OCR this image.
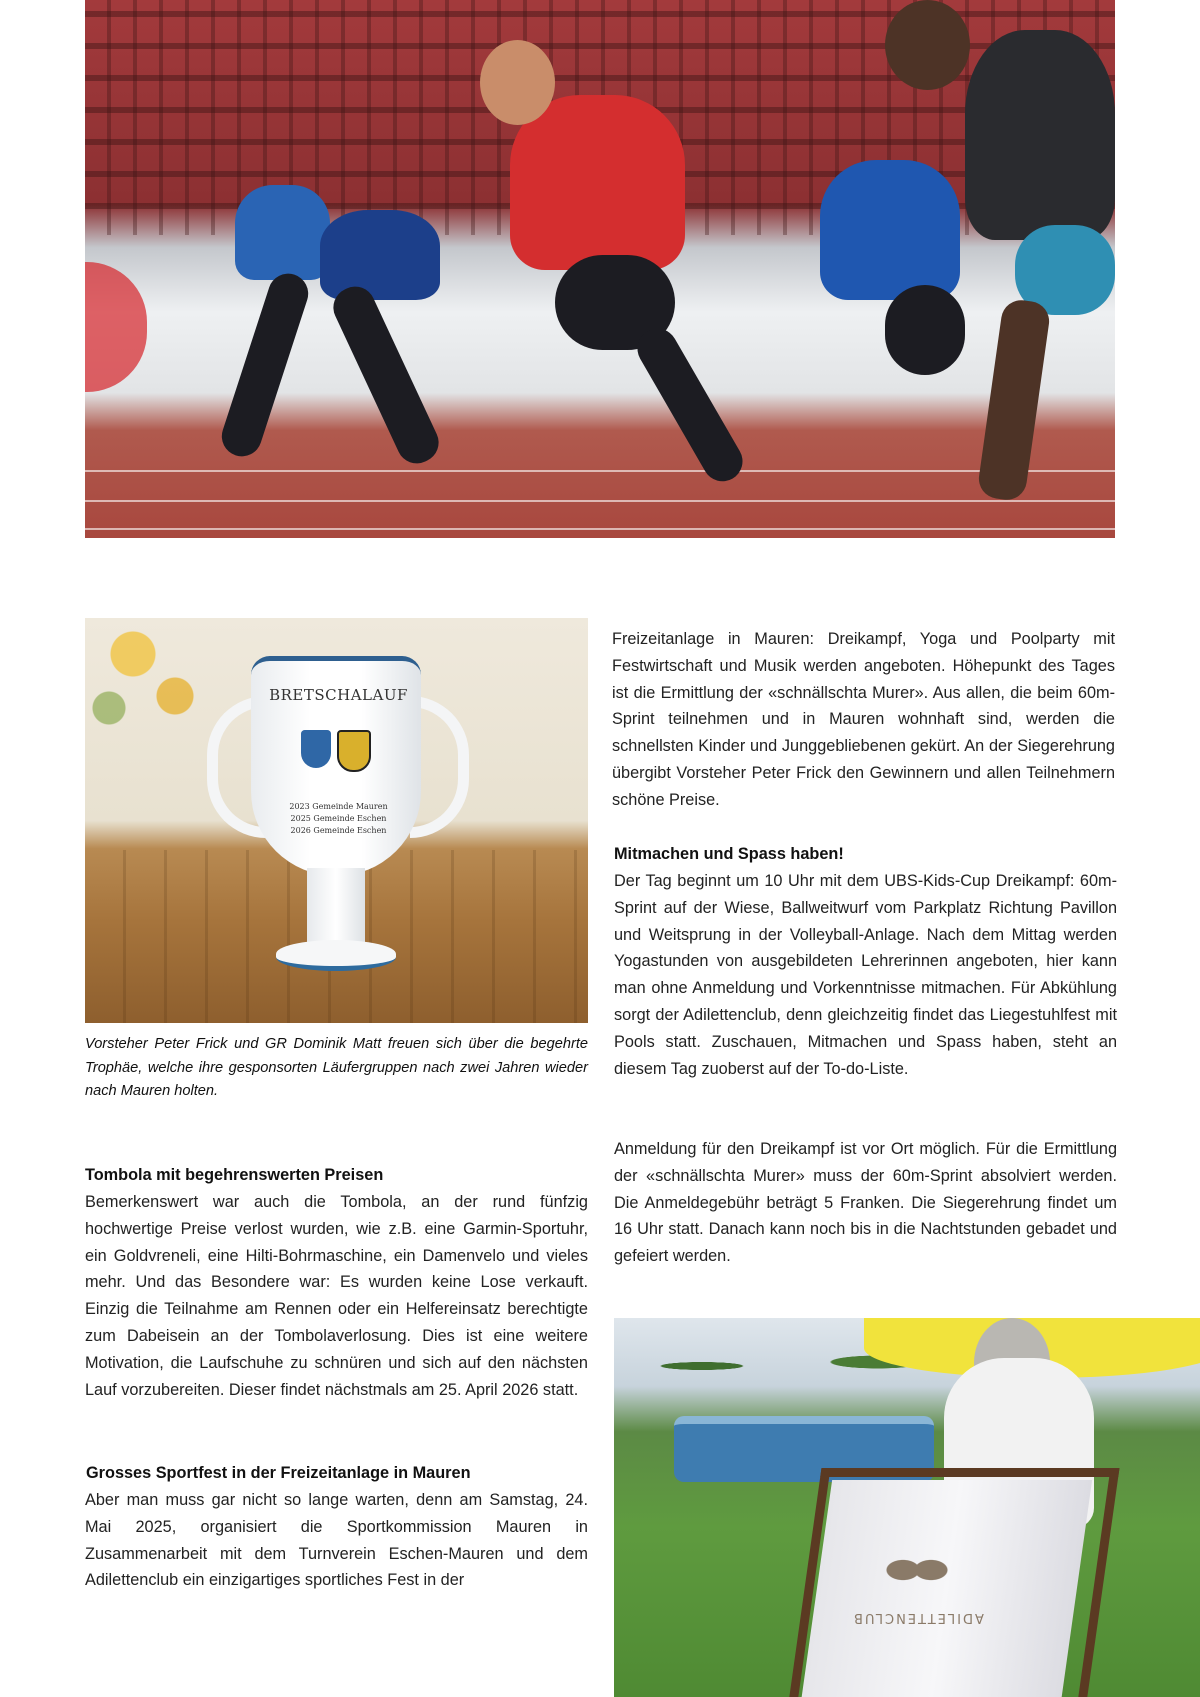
BRETSCHALAUF
2023 Gemeinde Mauren
2025 Gemeinde Eschen
2026 Gemeinde Eschen

Vorsteher Peter Frick und GR Dominik Matt freuen sich über die begehrte Trophäe, welche ihre gesponsorten Läufergruppen nach zwei Jahren wieder nach Mauren holten.

Tombola mit begehrenswerten Preisen

Bemerkenswert war auch die Tombola, an der rund fünfzig hochwertige Preise verlost wurden, wie z.B. eine Garmin-Sportuhr, ein Goldvreneli, eine Hilti-Bohrmaschine, ein Damenvelo und vieles mehr. Und das Besondere war: Es wurden keine Lose verkauft. Einzig die Teilnahme am Rennen oder ein Helfereinsatz berechtigte zum Dabeisein an der Tombolaverlosung. Dies ist eine weitere Motivation, die Laufschuhe zu schnüren und sich auf den nächsten Lauf vorzubereiten. Dieser findet nächstmals am 25. April 2026 statt.

Grosses Sportfest in der Freizeitanlage in Mauren

Aber man muss gar nicht so lange warten, denn am Samstag, 24. Mai 2025, organisiert die Sportkommission Mauren in Zusammenarbeit mit dem Turnverein Eschen-Mauren und dem Adilettenclub ein einzigartiges sportliches Fest in der

Freizeitanlage in Mauren: Dreikampf, Yoga und Poolparty mit Festwirtschaft und Musik werden angeboten. Höhepunkt des Tages ist die Ermittlung der «schnällschta Murer». Aus allen, die beim 60m-Sprint teilnehmen und in Mauren wohnhaft sind, werden die schnellsten Kinder und Junggebliebenen gekürt. An der Siegerehrung übergibt Vorsteher Peter Frick den Gewinnern und allen Teilnehmern schöne Preise.

Mitmachen und Spass haben!

Der Tag beginnt um 10 Uhr mit dem UBS-Kids-Cup Dreikampf: 60m-Sprint auf der Wiese, Ballweitwurf vom Parkplatz Richtung Pavillon und Weitsprung in der Volleyball-Anlage. Nach dem Mittag werden Yogastunden von ausgebildeten Lehrerinnen angeboten, hier kann man ohne Anmeldung und Vorkenntnisse mitmachen. Für Abkühlung sorgt der Adilettenclub, denn gleichzeitig findet das Liegestuhlfest mit Pools statt. Zuschauen, Mitmachen und Spass haben, steht an diesem Tag zuoberst auf der To-do-Liste.

Anmeldung für den Dreikampf ist vor Ort möglich. Für die Ermittlung der «schnällschta Murer» muss der 60m-Sprint absolviert werden. Die Anmeldegebühr beträgt 5 Franken. Die Siegerehrung findet um 16 Uhr statt. Danach kann noch bis in die Nachtstunden gebadet und gefeiert werden.

ADILETTENCLUB
